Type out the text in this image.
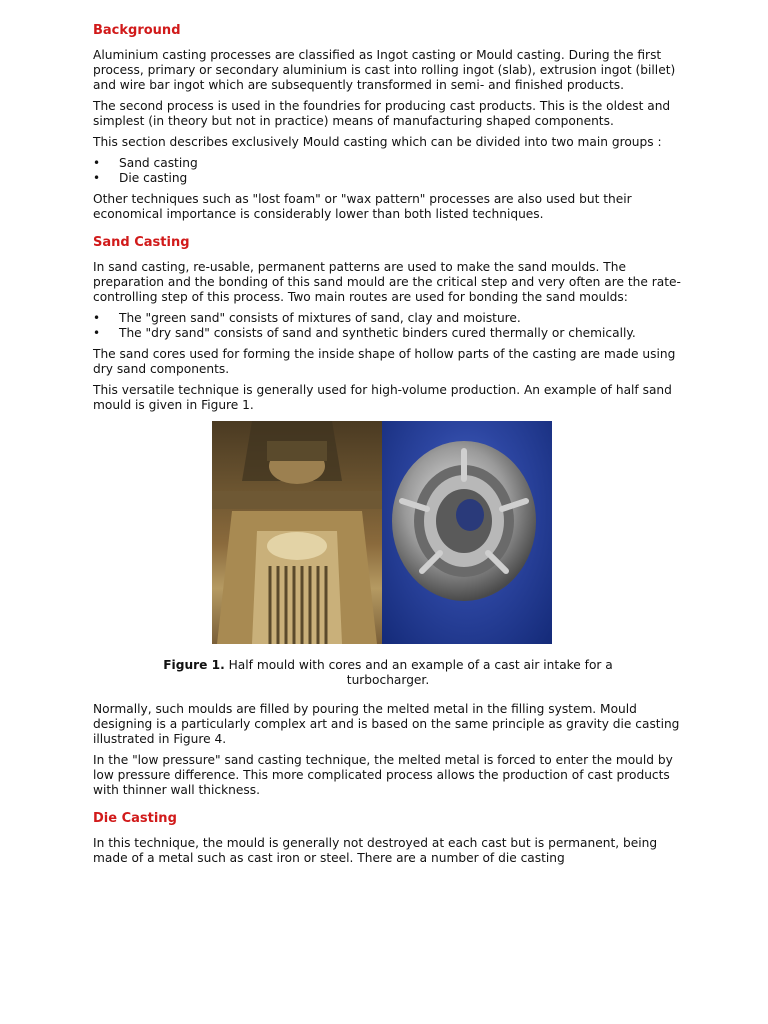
Background

Aluminium casting processes are classified as Ingot casting or Mould casting. During the first process, primary or secondary aluminium is cast into rolling ingot (slab), extrusion ingot (billet) and wire bar ingot which are subsequently transformed in semi- and finished products.

The second process is used in the foundries for producing cast products. This is the oldest and simplest (in theory but not in practice) means of manufacturing shaped components.

This section describes exclusively Mould casting which can be divided into two main groups :

• Sand casting
• Die casting

Other techniques such as "lost foam" or "wax pattern" processes are also used but their economical importance is considerably lower than both listed techniques.

Sand Casting

In sand casting, re-usable, permanent patterns are used to make the sand moulds. The preparation and the bonding of this sand mould are the critical step and very often are the rate-controlling step of this process. Two main routes are used for bonding the sand moulds:

• The "green sand" consists of mixtures of sand, clay and moisture.
• The "dry sand" consists of sand and synthetic binders cured thermally or chemically.

The sand cores used for forming the inside shape of hollow parts of the casting are made using dry sand components.

This versatile technique is generally used for high-volume production. An example of half sand mould is given in Figure 1.

Figure 1. Half mould with cores and an example of a cast air intake for a turbocharger.

Normally, such moulds are filled by pouring the melted metal in the filling system. Mould designing is a particularly complex art and is based on the same principle as gravity die casting illustrated in Figure 4.

In the "low pressure" sand casting technique, the melted metal is forced to enter the mould by low pressure difference. This more complicated process allows the production of cast products with thinner wall thickness.

Die Casting

In this technique, the mould is generally not destroyed at each cast but is permanent, being made of a metal such as cast iron or steel. There are a number of die casting
